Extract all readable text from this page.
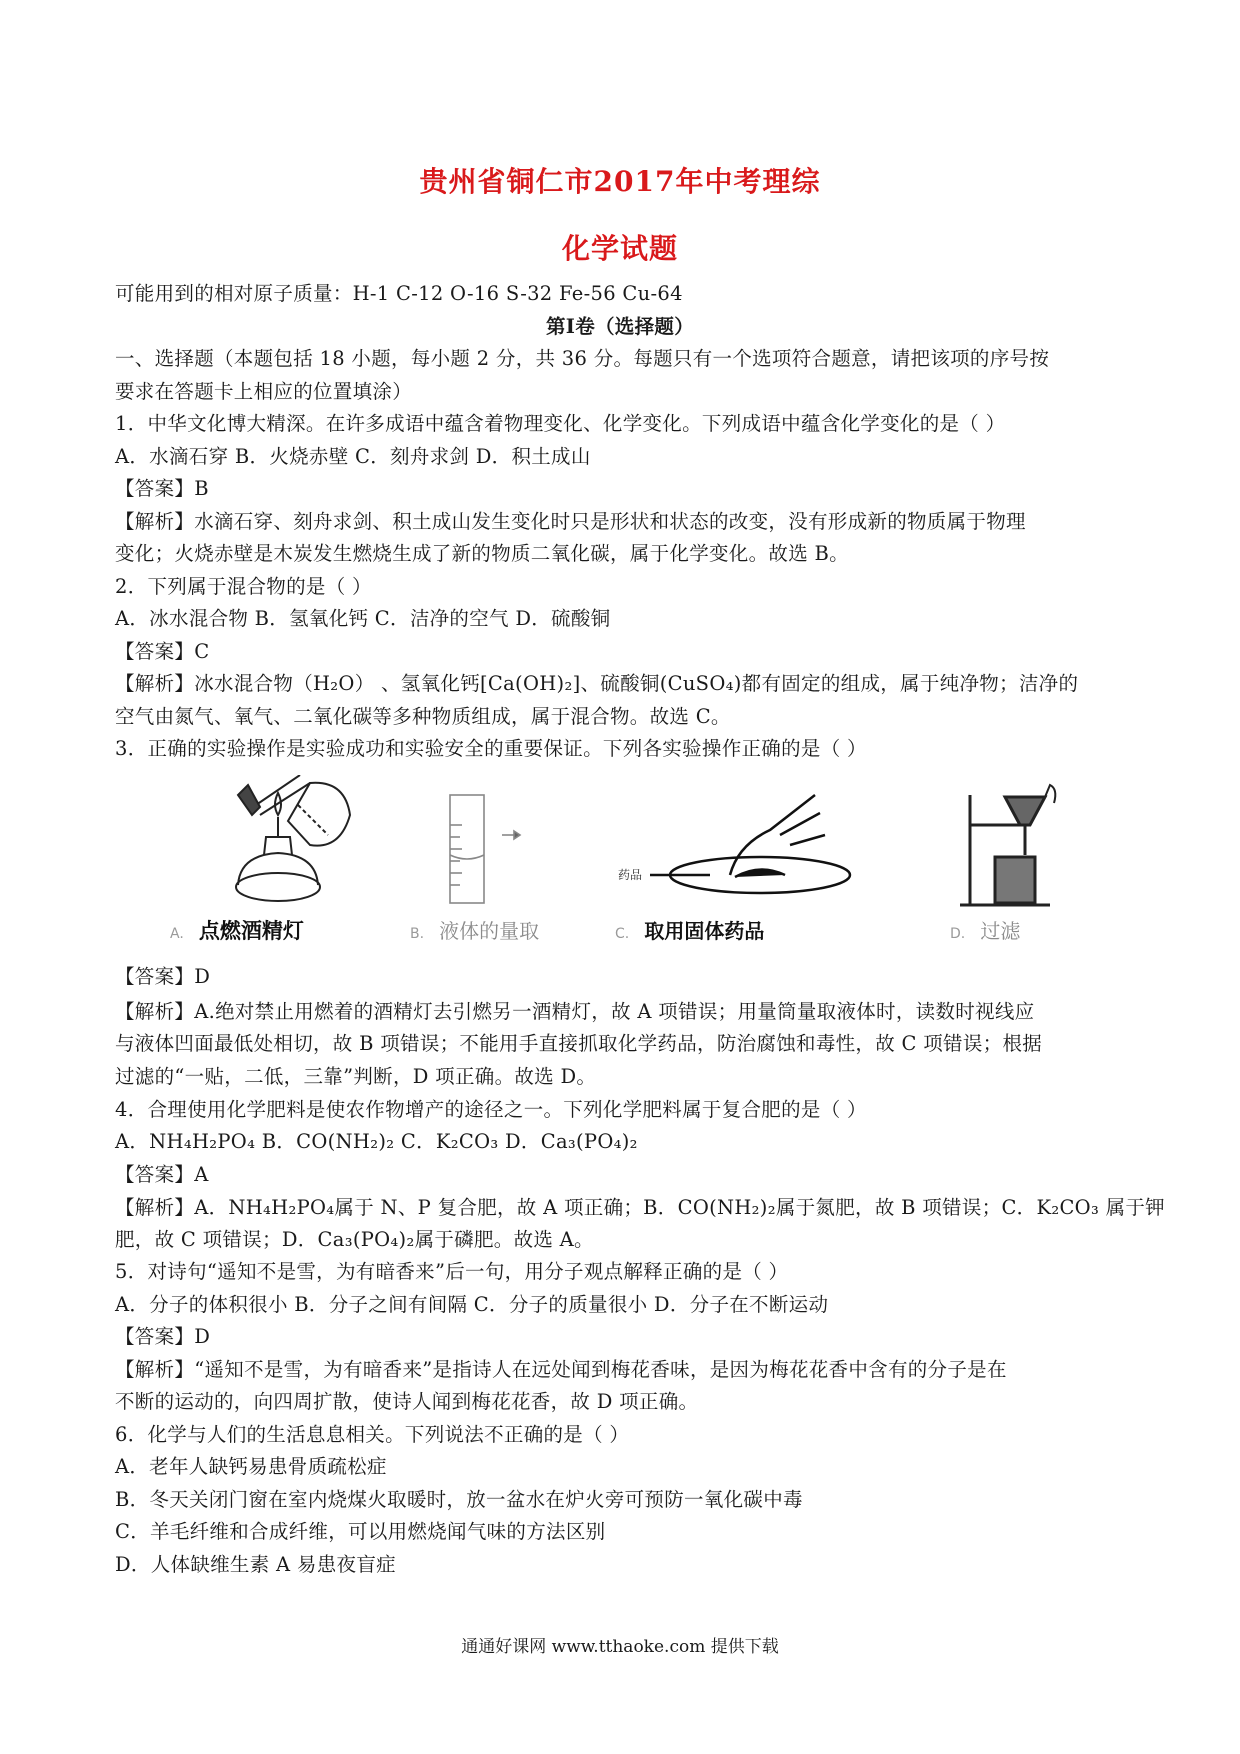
贵州省铜仁市2017年中考理综
化学试题
可能用到的相对原子质量：H-1 C-12 O-16 S-32 Fe-56 Cu-64
第Ⅰ卷（选择题）
一、选择题（本题包括 18 小题，每小题 2 分，共 36 分。每题只有一个选项符合题意，请把该项的序号按
要求在答题卡上相应的位置填涂）
1．中华文化博大精深。在许多成语中蕴含着物理变化、化学变化。下列成语中蕴含化学变化的是（ ）
A．水滴石穿 B．火烧赤壁 C．刻舟求剑 D．积土成山
【答案】B
【解析】水滴石穿、刻舟求剑、积土成山发生变化时只是形状和状态的改变，没有形成新的物质属于物理
变化；火烧赤壁是木炭发生燃烧生成了新的物质二氧化碳，属于化学变化。故选 B。
2．下列属于混合物的是（ ）
A．冰水混合物 B．氢氧化钙 C．洁净的空气 D．硫酸铜
【答案】C
【解析】冰水混合物（H₂O） 、氢氧化钙[Ca(OH)₂]、硫酸铜(CuSO₄)都有固定的组成，属于纯净物；洁净的
空气由氮气、氧气、二氧化碳等多种物质组成，属于混合物。故选 C。
3．正确的实验操作是实验成功和实验安全的重要保证。下列各实验操作正确的是（ ）
A. 点燃酒精灯	B. 液体的量取
药品
C. 取用固体药品	D. 过滤
【答案】D
【解析】A.绝对禁止用燃着的酒精灯去引燃另一酒精灯，故 A 项错误；用量筒量取液体时，读数时视线应
与液体凹面最低处相切，故 B 项错误；不能用手直接抓取化学药品，防治腐蚀和毒性，故 C 项错误；根据
过滤的“一贴，二低，三靠”判断，D 项正确。故选 D。
4．合理使用化学肥料是使农作物增产的途径之一。下列化学肥料属于复合肥的是（ ）
A．NH₄H₂PO₄ B．CO(NH₂)₂ C．K₂CO₃ D．Ca₃(PO₄)₂
【答案】A
【解析】A．NH₄H₂PO₄属于 N、P 复合肥，故 A 项正确；B．CO(NH₂)₂属于氮肥，故 B 项错误；C．K₂CO₃ 属于钾
肥，故 C 项错误；D．Ca₃(PO₄)₂属于磷肥。故选 A。
5．对诗句“遥知不是雪，为有暗香来”后一句，用分子观点解释正确的是（ ）
A．分子的体积很小 B．分子之间有间隔 C．分子的质量很小 D．分子在不断运动
【答案】D
【解析】“遥知不是雪，为有暗香来”是指诗人在远处闻到梅花香味，是因为梅花花香中含有的分子是在
不断的运动的，向四周扩散，使诗人闻到梅花花香，故 D 项正确。
6．化学与人们的生活息息相关。下列说法不正确的是（ ）
A．老年人缺钙易患骨质疏松症
B．冬天关闭门窗在室内烧煤火取暖时，放一盆水在炉火旁可预防一氧化碳中毒
C．羊毛纤维和合成纤维，可以用燃烧闻气味的方法区别
D．人体缺维生素 A 易患夜盲症
通通好课网 www.tthaoke.com 提供下载
